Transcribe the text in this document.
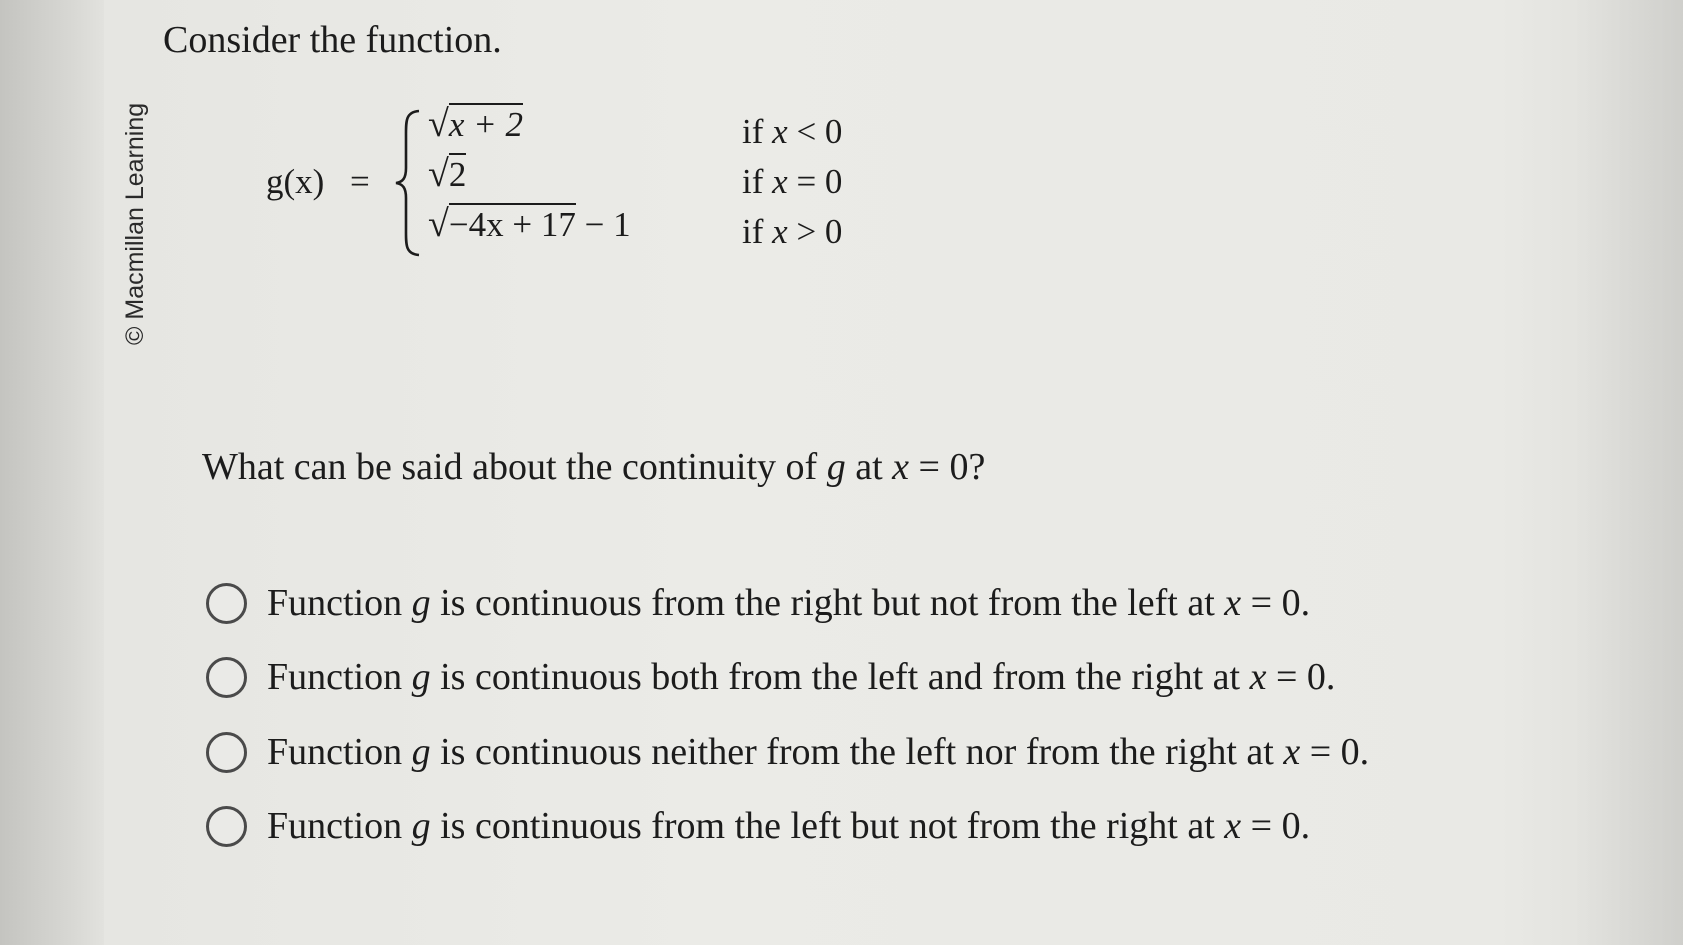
© Macmillan Learning
Consider the function.
g(x) =
√x + 2	if x < 0
√2	if x = 0
√−4x + 17 − 1	if x > 0
What can be said about the continuity of g at x = 0?
Function g is continuous from the right but not from the left at x = 0.
Function g is continuous both from the left and from the right at x = 0.
Function g is continuous neither from the left nor from the right at x = 0.
Function g is continuous from the left but not from the right at x = 0.
